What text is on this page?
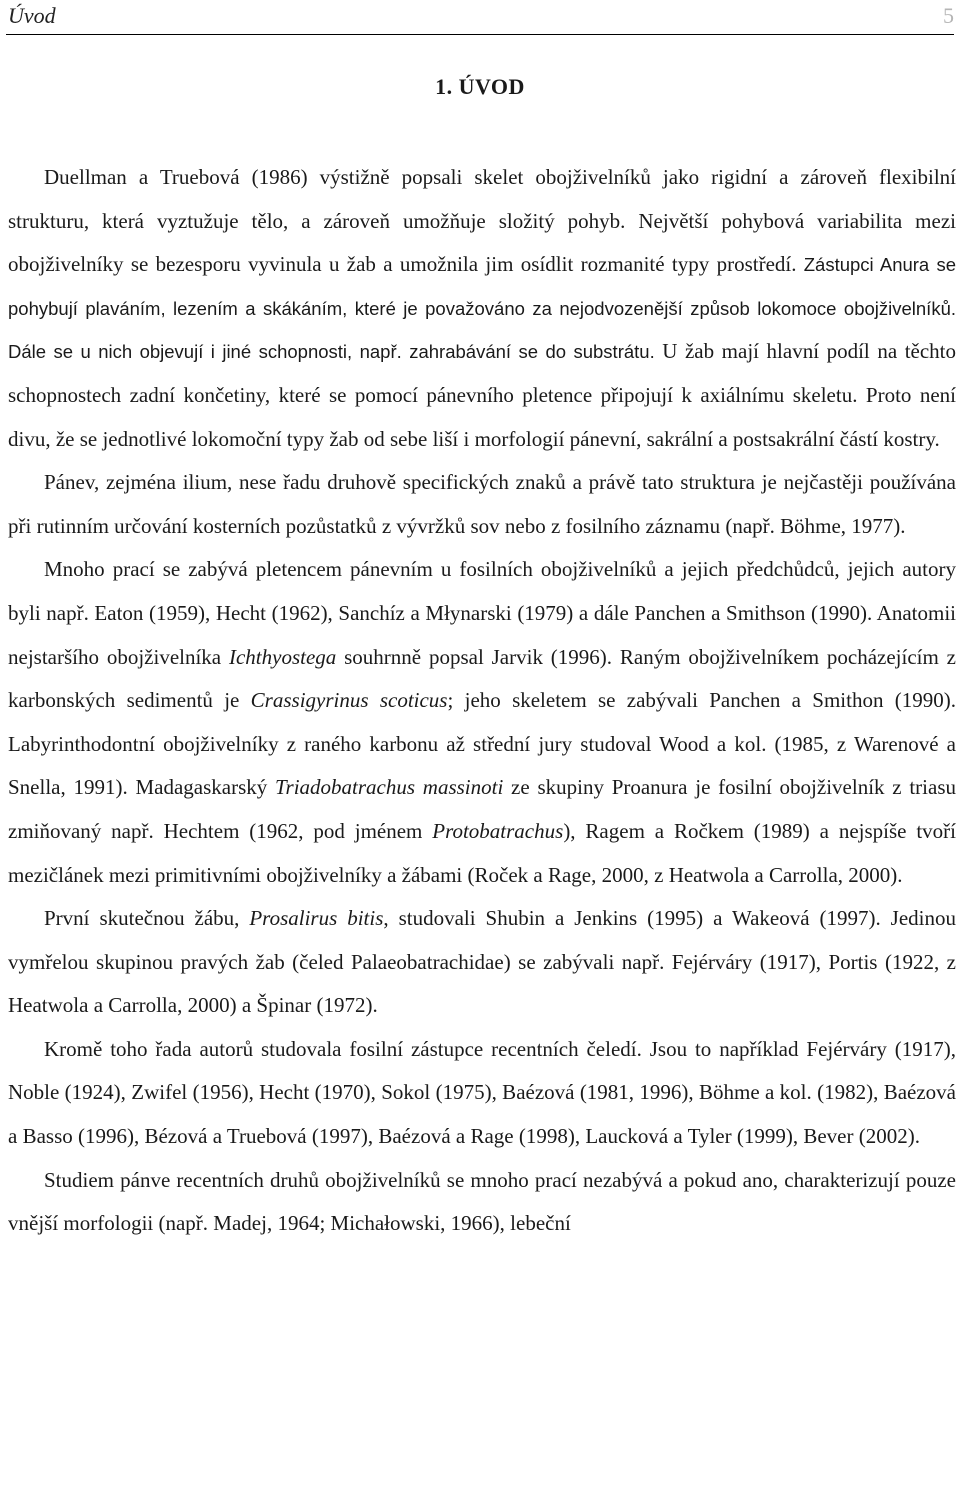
Úvod	5
1. ÚVOD

Duellman a Truebová (1986) výstižně popsali skelet obojživelníků jako rigidní a zároveň flexibilní strukturu, která vyztužuje tělo, a zároveň umožňuje složitý pohyb. Největší pohybová variabilita mezi obojživelníky se bezesporu vyvinula u žab a umožnila jim osídlit rozmanité typy prostředí. Zástupci Anura se pohybují plaváním, lezením a skákáním, které je považováno za nejodvozenější způsob lokomoce obojživelníků. Dále se u nich objevují i jiné schopnosti, např. zahrabávání se do substrátu. U žab mají hlavní podíl na těchto schopnostech zadní končetiny, které se pomocí pánevního pletence připojují k axiálnímu skeletu. Proto není divu, že se jednotlivé lokomoční typy žab od sebe liší i morfologií pánevní, sakrální a postsakrální částí kostry.

Pánev, zejména ilium, nese řadu druhově specifických znaků a právě tato struktura je nejčastěji používána při rutinním určování kosterních pozůstatků z vývržků sov nebo z fosilního záznamu (např. Böhme, 1977).

Mnoho prací se zabývá pletencem pánevním u fosilních obojživelníků a jejich předchůdců, jejich autory byli např. Eaton (1959), Hecht (1962), Sanchíz a Młynarski (1979) a dále Panchen a Smithson (1990). Anatomii nejstaršího obojživelníka Ichthyostega souhrnně popsal Jarvik (1996). Raným obojživelníkem pocházejícím z karbonských sedimentů je Crassigyrinus scoticus; jeho skeletem se zabývali Panchen a Smithon (1990). Labyrinthodontní obojživelníky z raného karbonu až střední jury studoval Wood a kol. (1985, z Warenové a Snella, 1991). Madagaskarský Triadobatrachus massinoti ze skupiny Proanura je fosilní obojživelník z triasu zmiňovaný např. Hechtem (1962, pod jménem Protobatrachus), Ragem a Ročkem (1989) a nejspíše tvoří mezičlánek mezi primitivními obojživelníky a žábami (Roček a Rage, 2000, z Heatwola a Carrolla, 2000).

První skutečnou žábu, Prosalirus bitis, studovali Shubin a Jenkins (1995) a Wakeová (1997). Jedinou vymřelou skupinou pravých žab (čeled Palaeobatrachidae) se zabývali např. Fejérváry (1917), Portis (1922, z Heatwola a Carrolla, 2000) a Špinar (1972).

Kromě toho řada autorů studovala fosilní zástupce recentních čeledí. Jsou to například Fejérváry (1917), Noble (1924), Zwifel (1956), Hecht (1970), Sokol (1975), Baézová (1981, 1996), Böhme a kol. (1982), Baézová a Basso (1996), Bézová a Truebová (1997), Baézová a Rage (1998), Laucková a Tyler (1999), Bever (2002).

Studiem pánve recentních druhů obojživelníků se mnoho prací nezabývá a pokud ano, charakterizují pouze vnější morfologii (např. Madej, 1964; Michałowski, 1966), lebeční
